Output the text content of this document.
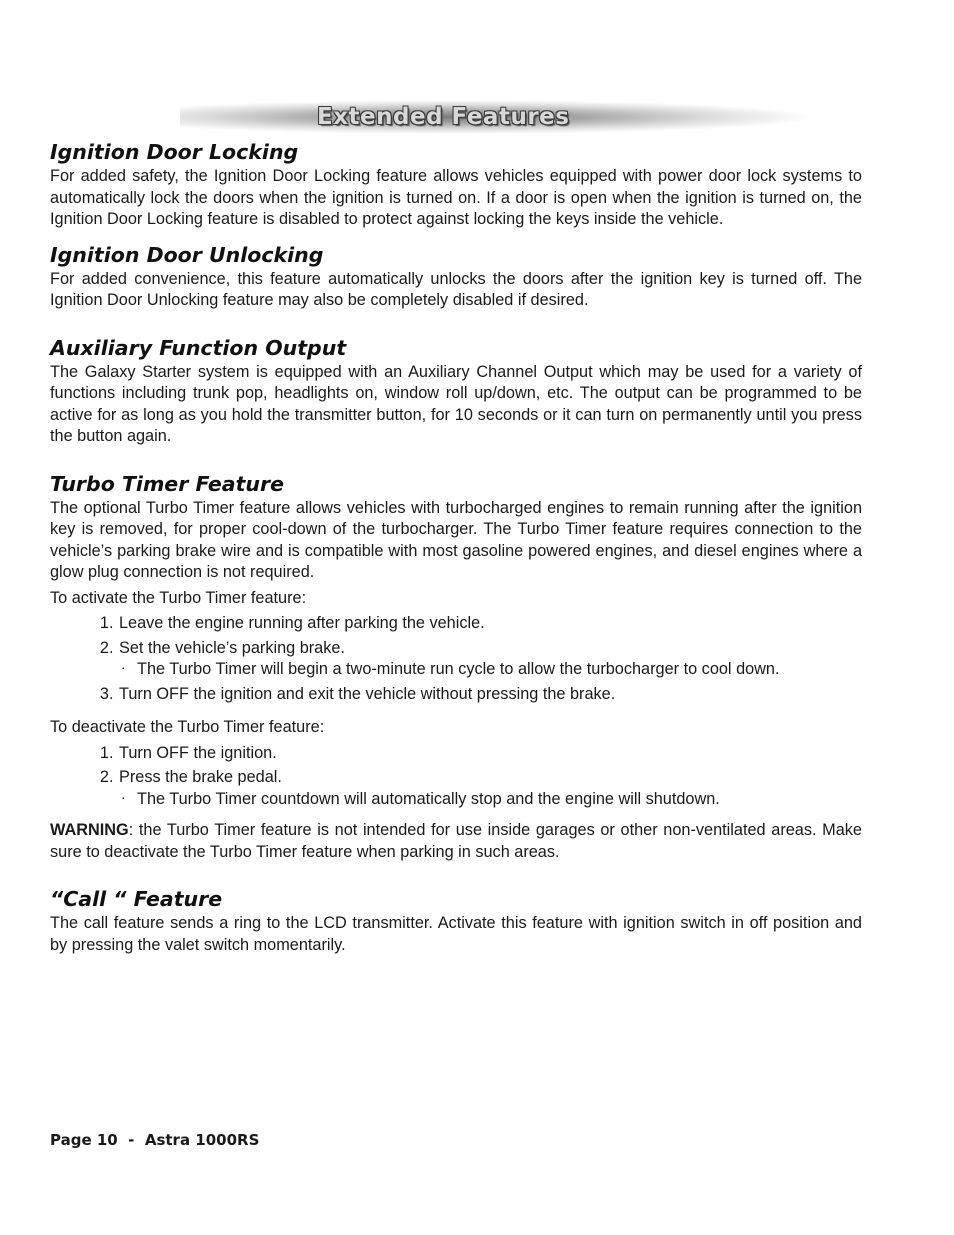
Extended Features
Ignition Door Locking

For added safety, the Ignition Door Locking feature allows vehicles equipped with power door lock systems to automatically lock the doors when the ignition is turned on. If a door is open when the ignition is turned on, the Ignition Door Locking feature is disabled to protect against locking the keys inside the vehicle.

Ignition Door Unlocking

For added convenience, this feature automatically unlocks the doors after the ignition key is turned off. The Ignition Door Unlocking feature may also be completely disabled if desired.

Auxiliary Function Output

The Galaxy Starter system is equipped with an Auxiliary Channel Output which may be used for a variety of functions including trunk pop, headlights on, window roll up/down, etc. The output can be programmed to be active for as long as you hold the transmitter button, for 10 seconds or it can turn on permanently until you press the button again.

Turbo Timer Feature

The optional Turbo Timer feature allows vehicles with turbocharged engines to remain running after the ignition key is removed, for proper cool-down of the turbocharger. The Turbo Timer feature requires connection to the vehicle’s parking brake wire and is compatible with most gasoline powered engines, and diesel engines where a glow plug connection is not required.

To activate the Turbo Timer feature:

1. Leave the engine running after parking the vehicle.
2. Set the vehicle’s parking brake.
· The Turbo Timer will begin a two-minute run cycle to allow the turbocharger to cool down.
3. Turn OFF the ignition and exit the vehicle without pressing the brake.

To deactivate the Turbo Timer feature:

1. Turn OFF the ignition.
2. Press the brake pedal.
· The Turbo Timer countdown will automatically stop and the engine will shutdown.

WARNING: the Turbo Timer feature is not intended for use inside garages or other non-ventilated areas. Make sure to deactivate the Turbo Timer feature when parking in such areas.

“Call “ Feature

The call feature sends a ring to the LCD transmitter. Activate this feature with ignition switch in off position and by pressing the valet switch momentarily.

Page 10  -  Astra 1000RS
